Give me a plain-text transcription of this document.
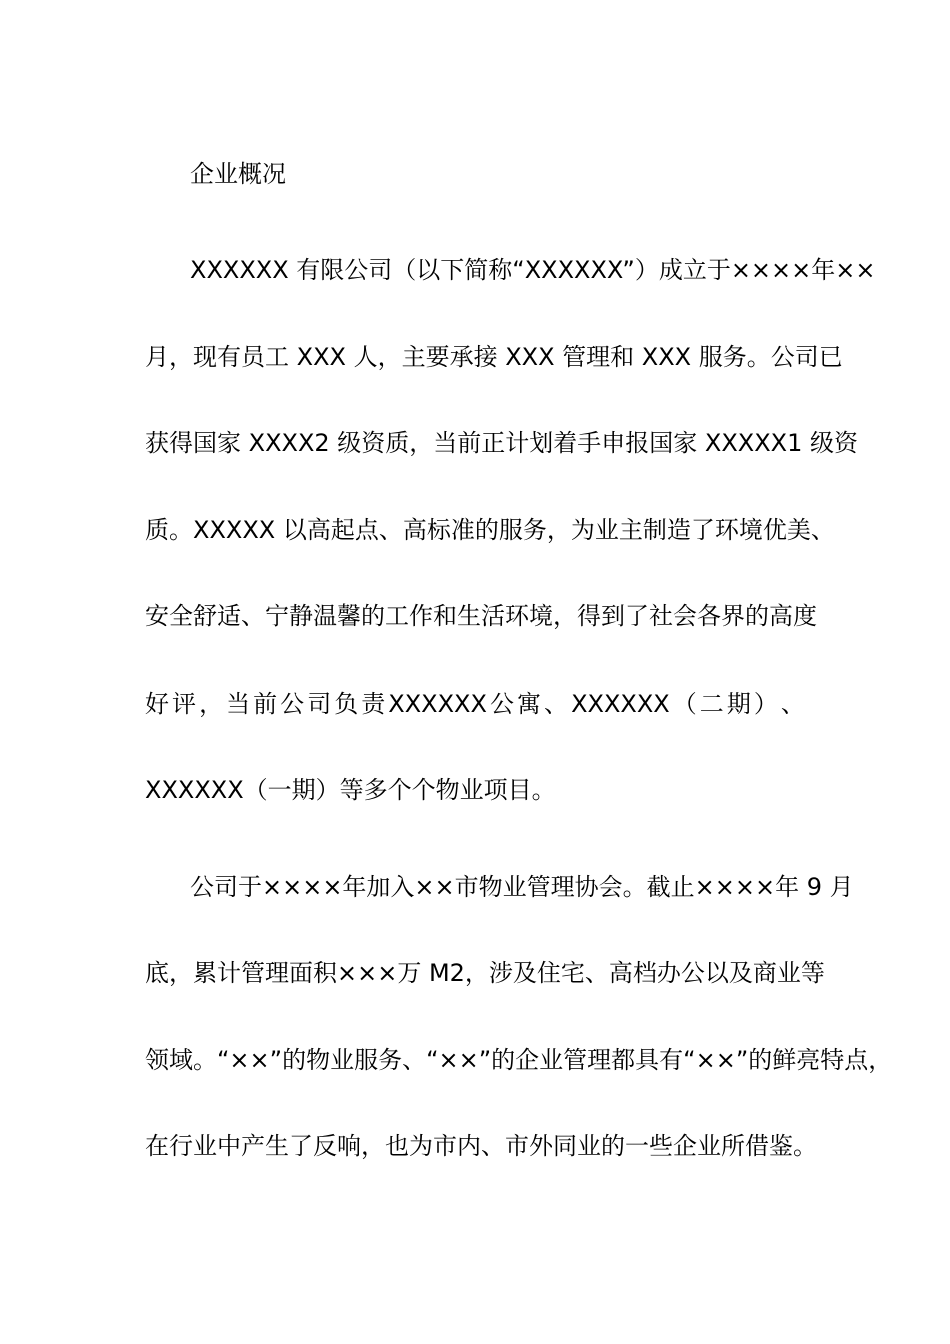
企业概况
XXXXXX 有限公司（以下简称“XXXXXX”）成立于××××年××
月，现有员工 XXX 人，主要承接 XXX 管理和 XXX 服务。公司已
获得国家 XXXX2 级资质，当前正计划着手申报国家 XXXXX1 级资
质。XXXXX 以高起点、高标准的服务，为业主制造了环境优美、
安全舒适、宁静温馨的工作和生活环境，得到了社会各界的高度
好 评 ， 当 前 公 司 负 责 XXXXXX 公 寓 、 XXXXXX （ 二 期 ） 、
XXXXXX（一期）等多个个物业项目。
公司于××××年加入××市物业管理协会。截止××××年 9 月
底，累计管理面积×××万 M2，涉及住宅、高档办公以及商业等
领域。“××”的物业服务、“××”的企业管理都具有“××”的鲜亮特点，
在行业中产生了反响，也为市内、市外同业的一些企业所借鉴。
